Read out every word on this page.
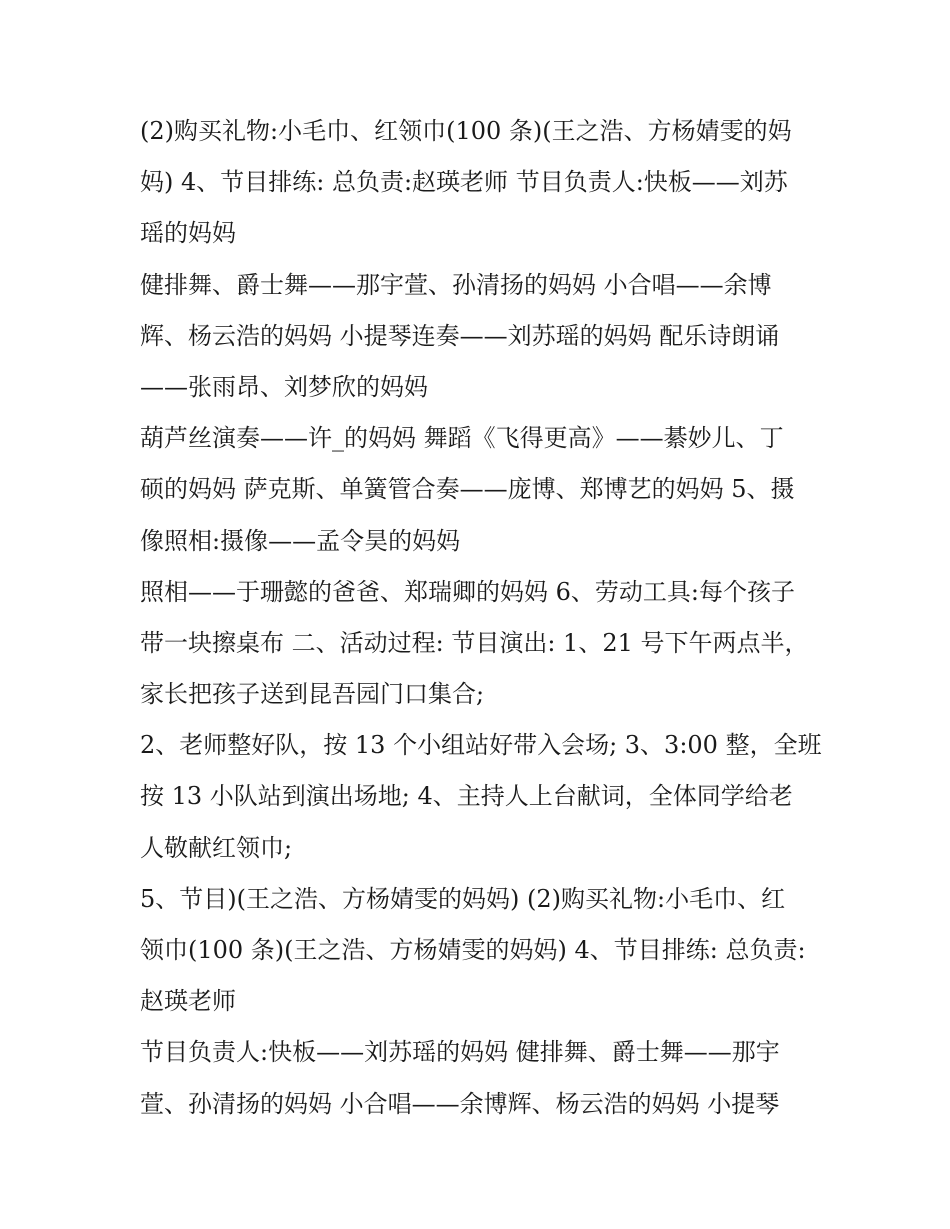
(2)购买礼物:小毛巾、红领巾(100 条)(王之浩、方杨婧雯的妈
妈) 4、节目排练: 总负责:赵瑛老师 节目负责人:快板——刘苏
瑶的妈妈
健排舞、爵士舞——那宇萱、孙清扬的妈妈 小合唱——余博
辉、杨云浩的妈妈 小提琴连奏——刘苏瑶的妈妈 配乐诗朗诵
——张雨昂、刘梦欣的妈妈
葫芦丝演奏——许_的妈妈 舞蹈《飞得更高》——綦妙儿、丁
硕的妈妈 萨克斯、单簧管合奏——庞博、郑博艺的妈妈 5、摄
像照相:摄像——孟令昊的妈妈
照相——于珊懿的爸爸、郑瑞卿的妈妈 6、劳动工具:每个孩子
带一块擦桌布 二、活动过程: 节目演出: 1、21 号下午两点半，
家长把孩子送到昆吾园门口集合;
2、老师整好队，按 13 个小组站好带入会场; 3、3:00 整，全班
按 13 小队站到演出场地; 4、主持人上台献词，全体同学给老
人敬献红领巾;
5、节目)(王之浩、方杨婧雯的妈妈) (2)购买礼物:小毛巾、红
领巾(100 条)(王之浩、方杨婧雯的妈妈) 4、节目排练: 总负责:
赵瑛老师
节目负责人:快板——刘苏瑶的妈妈 健排舞、爵士舞——那宇
萱、孙清扬的妈妈 小合唱——余博辉、杨云浩的妈妈 小提琴
